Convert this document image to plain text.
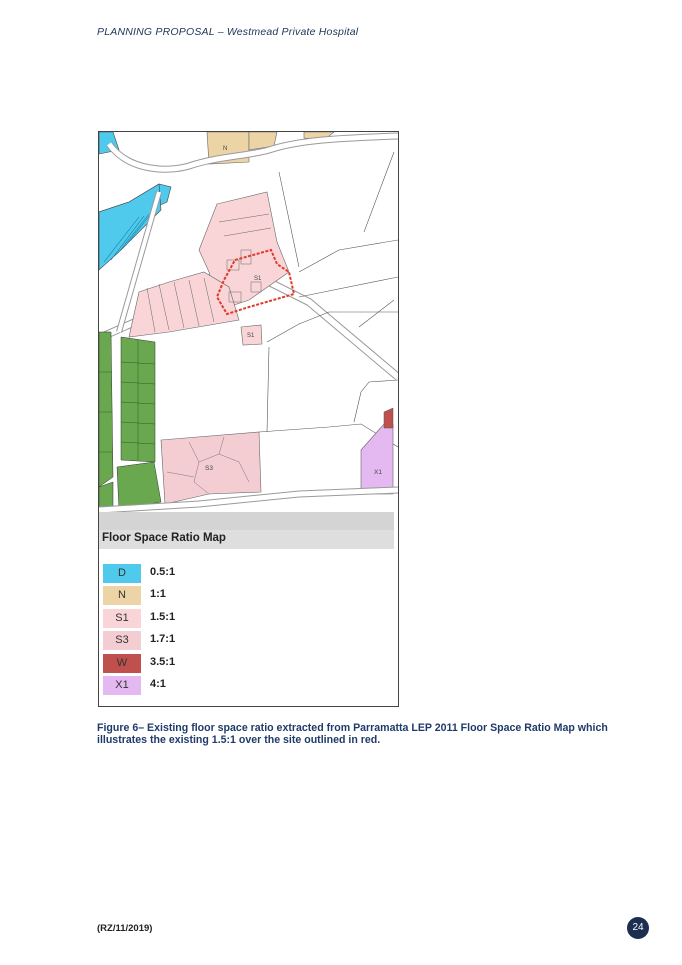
PLANNING PROPOSAL – Westmead Private Hospital
N
S1
S1
S3
X1
Floor Space Ratio Map
D	0.5:1
N	1:1
S1	1.5:1
S3	1.7:1
W	3.5:1
X1	4:1
Figure 6– Existing floor space ratio extracted from Parramatta LEP 2011 Floor Space Ratio Map which illustrates the existing 1.5:1 over the site outlined in red.
(RZ/11/2019)	24
